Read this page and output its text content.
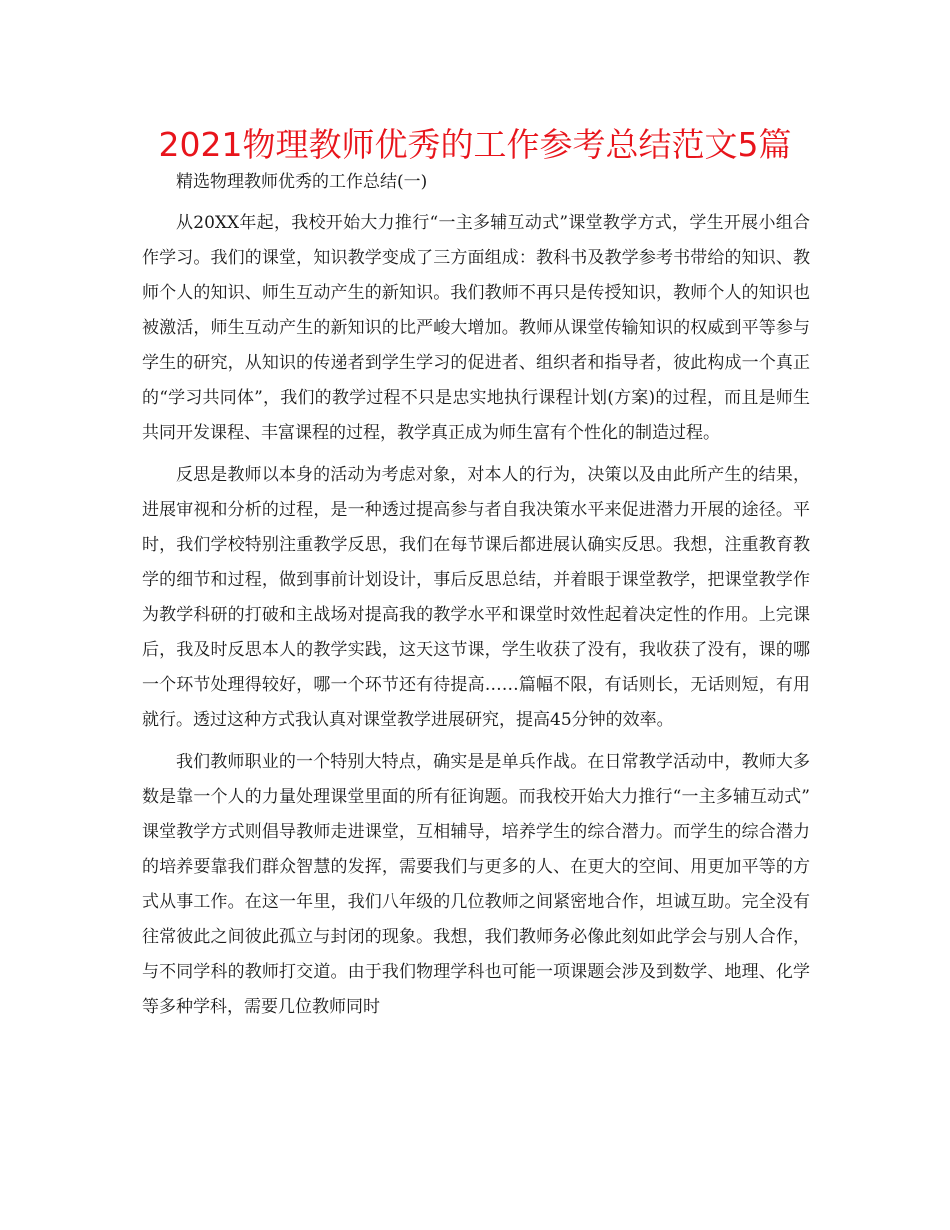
2021物理教师优秀的工作参考总结范文5篇

精选物理教师优秀的工作总结(一)

从20XX年起，我校开始大力推行“一主多辅互动式”课堂教学方式，学生开展小组合作学习。我们的课堂，知识教学变成了三方面组成：教科书及教学参考书带给的知识、教师个人的知识、师生互动产生的新知识。我们教师不再只是传授知识，教师个人的知识也被激活，师生互动产生的新知识的比严峻大增加。教师从课堂传输知识的权威到平等参与学生的研究，从知识的传递者到学生学习的促进者、组织者和指导者，彼此构成一个真正的“学习共同体”，我们的教学过程不只是忠实地执行课程计划(方案)的过程，而且是师生共同开发课程、丰富课程的过程，教学真正成为师生富有个性化的制造过程。

反思是教师以本身的活动为考虑对象，对本人的行为，决策以及由此所产生的结果，进展审视和分析的过程，是一种透过提高参与者自我决策水平来促进潜力开展的途径。平时，我们学校特别注重教学反思，我们在每节课后都进展认确实反思。我想，注重教育教学的细节和过程，做到事前计划设计，事后反思总结，并着眼于课堂教学，把课堂教学作为教学科研的打破和主战场对提高我的教学水平和课堂时效性起着决定性的作用。上完课后，我及时反思本人的教学实践，这天这节课，学生收获了没有，我收获了没有，课的哪一个环节处理得较好，哪一个环节还有待提高……篇幅不限，有话则长，无话则短，有用就行。透过这种方式我认真对课堂教学进展研究，提高45分钟的效率。

我们教师职业的一个特别大特点，确实是是单兵作战。在日常教学活动中，教师大多数是靠一个人的力量处理课堂里面的所有征询题。而我校开始大力推行“一主多辅互动式”课堂教学方式则倡导教师走进课堂，互相辅导，培养学生的综合潜力。而学生的综合潜力的培养要靠我们群众智慧的发挥，需要我们与更多的人、在更大的空间、用更加平等的方式从事工作。在这一年里，我们八年级的几位教师之间紧密地合作，坦诚互助。完全没有往常彼此之间彼此孤立与封闭的现象。我想，我们教师务必像此刻如此学会与别人合作，与不同学科的教师打交道。由于我们物理学科也可能一项课题会涉及到数学、地理、化学等多种学科，需要几位教师同时
